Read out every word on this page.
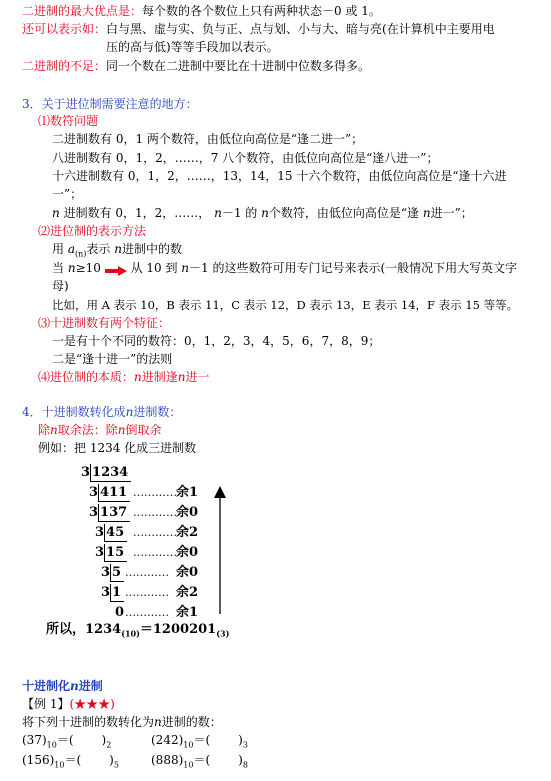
二进制的最大优点是：每个数的各个数位上只有两种状态－0 或 1。
还可以表示如：白与黑、虚与实、负与正、点与划、小与大、暗与亮(在计算机中主要用电
压的高与低)等等手段加以表示。
二进制的不足：同一个数在二进制中要比在十进制中位数多得多。
3．关于进位制需要注意的地方：
⑴数符问题
二进制数有 0，1 两个数符，由低位向高位是“逢二进一”；
八进制数有 0，1，2，……，7 八个数符，由低位向高位是“逢八进一”；
十六进制数有 0，1，2，……，13，14，15 十六个数符，由低位向高位是“逢十六进
一”；
n 进制数有 0，1，2，……， n－1 的 n个数符，由低位向高位是“逢 n进一”；
⑵进位制的表示方法
用 $a_{(n)}$表示 n进制中的数
当 n≥10 从 10 到 n－1 的这些数符可用专门记号来表示(一般情况下用大写英文字
母)
比如，用 A 表示 10，B 表示 11，C 表示 12，D 表示 13，E 表示 14，F 表示 15 等等。
⑶十进制数有两个特征：
一是有十个不同的数符：0，1，2，3，4，5，6，7，8，9；
二是“逢十进一”的法则
⑷进位制的本质：n进制逢n进一
4．十进制数转化成n进制数：
除n取余法：除n倒取余
例如：把 1234 化成三进制数
3 1234
3 411 ………… 余1
3 137 ………… 余0
3 45 ………… 余2
3 15 ………… 余0
3 5 ………… 余0
3 1 ………… 余2
0 ………… 余1
所以，$1234_{(10)}=1200201_{(3)}$
十进制化n进制
【例 1】(★★★)
将下列十进制的数转化为n进制的数：
$(37)_{10}=$( )$_2$	$(242)_{10}=$( )$_3$
$(156)_{10}=$( )$_5$	$(888)_{10}=$( )$_8$
